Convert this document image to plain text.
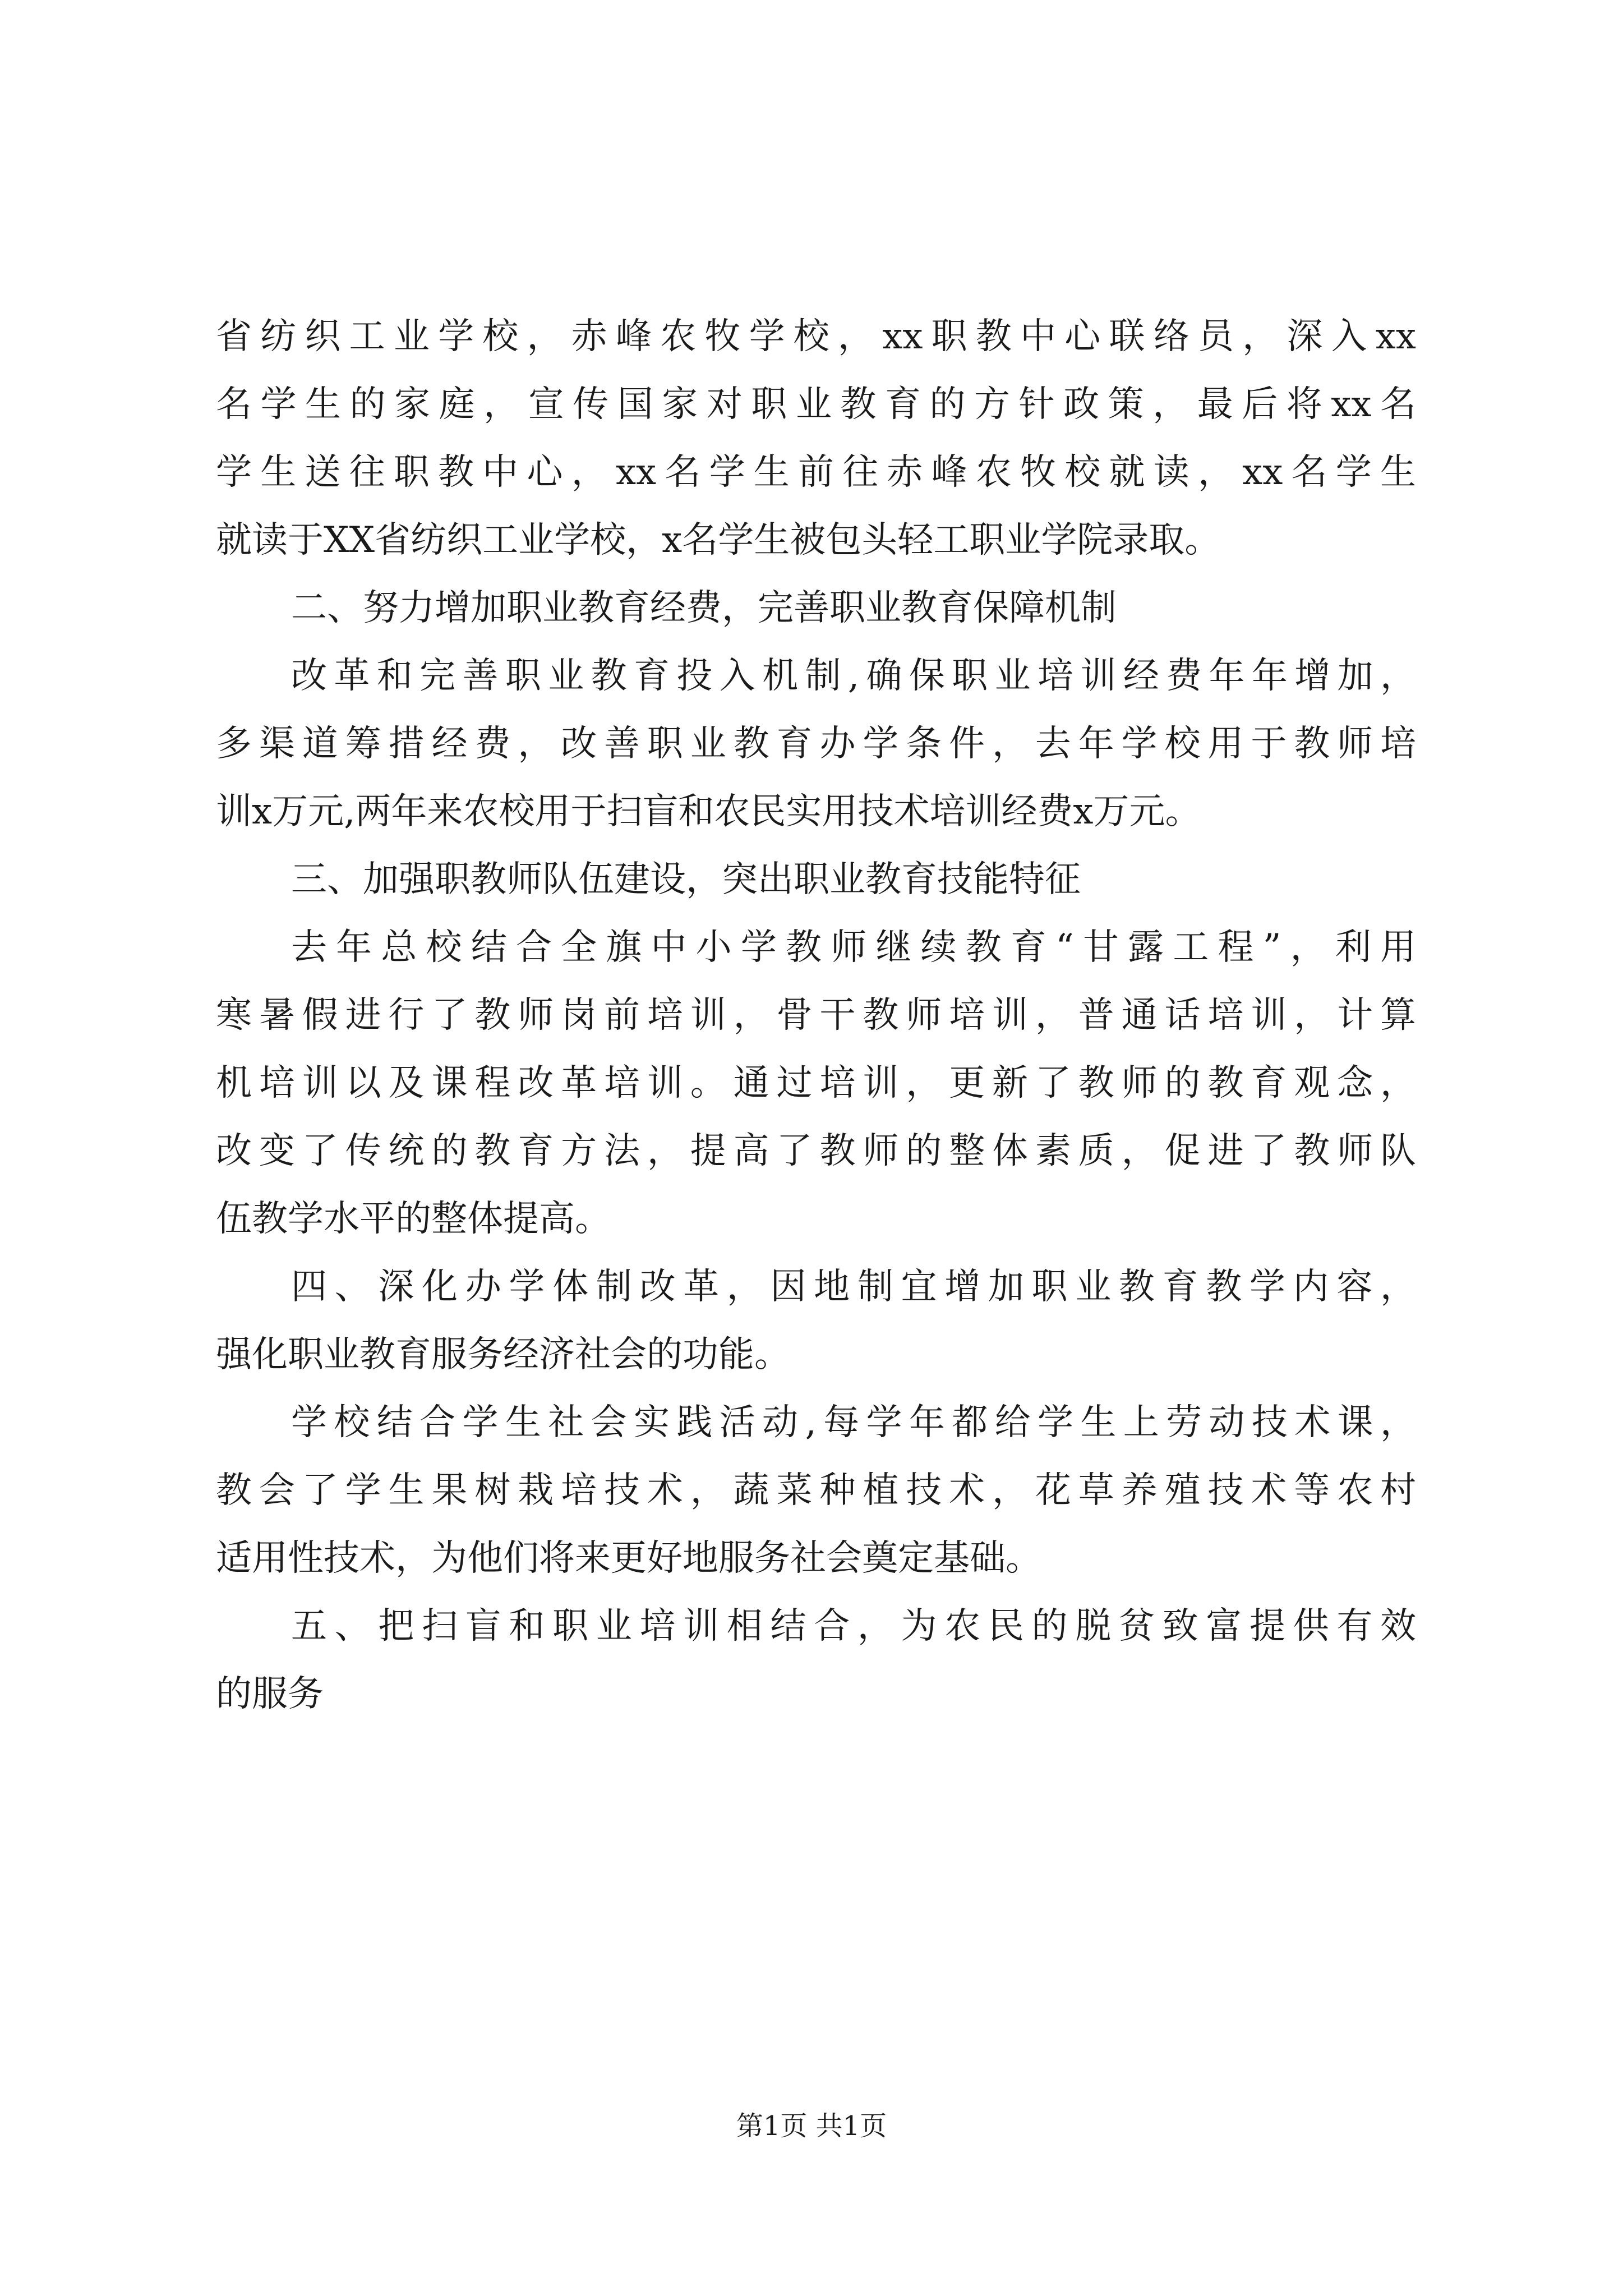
省纺织工业学校，赤峰农牧学校，xx职教中心联络员，深入xx
名学生的家庭，宣传国家对职业教育的方针政策，最后将xx名
学生送往职教中心，xx名学生前往赤峰农牧校就读，xx名学生
就读于XX省纺织工业学校，x名学生被包头轻工职业学院录取。
二、努力增加职业教育经费，完善职业教育保障机制
改革和完善职业教育投入机制,确保职业培训经费年年增加，
多渠道筹措经费，改善职业教育办学条件，去年学校用于教师培
训x万元,两年来农校用于扫盲和农民实用技术培训经费x万元。
三、加强职教师队伍建设，突出职业教育技能特征
去年总校结合全旗中小学教师继续教育“甘露工程”，利用
寒暑假进行了教师岗前培训，骨干教师培训，普通话培训，计算
机培训以及课程改革培训。通过培训，更新了教师的教育观念，
改变了传统的教育方法，提高了教师的整体素质，促进了教师队
伍教学水平的整体提高。
四、深化办学体制改革，因地制宜增加职业教育教学内容，
强化职业教育服务经济社会的功能。
学校结合学生社会实践活动,每学年都给学生上劳动技术课，
教会了学生果树栽培技术，蔬菜种植技术，花草养殖技术等农村
适用性技术，为他们将来更好地服务社会奠定基础。
五、把扫盲和职业培训相结合，为农民的脱贫致富提供有效
的服务
第1页 共1页
